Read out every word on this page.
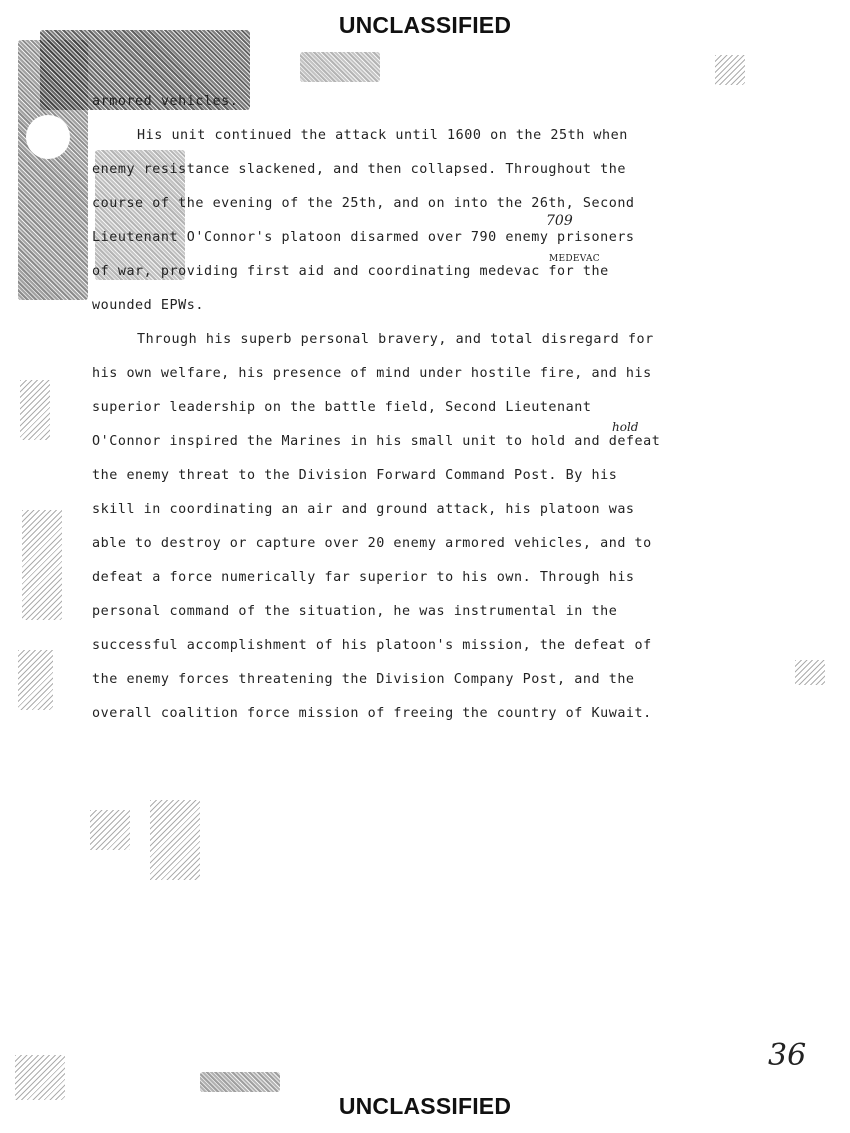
UNCLASSIFIED
armored vehicles.
His unit continued the attack until 1600 on the 25th when
enemy resistance slackened, and then collapsed. Throughout the
course of the evening of the 25th, and on into the 26th, Second
Lieutenant O'Connor's platoon disarmed over 790 enemy prisoners
of war, providing first aid and coordinating medevac for the
wounded EPWs.
Through his superb personal bravery, and total disregard for
his own welfare, his presence of mind under hostile fire, and his
superior leadership on the battle field, Second Lieutenant
O'Connor inspired the Marines in his small unit to hold and defeat
the enemy threat to the Division Forward Command Post. By his
skill in coordinating an air and ground attack, his platoon was
able to destroy or capture over 20 enemy armored vehicles, and to
defeat a force numerically far superior to his own. Through his
personal command of the situation, he was instrumental in the
successful accomplishment of his platoon's mission, the defeat of
the enemy forces threatening the Division Company Post, and the
overall coalition force mission of freeing the country of Kuwait.
709
MEDEVAC
hold
36
UNCLASSIFIED
